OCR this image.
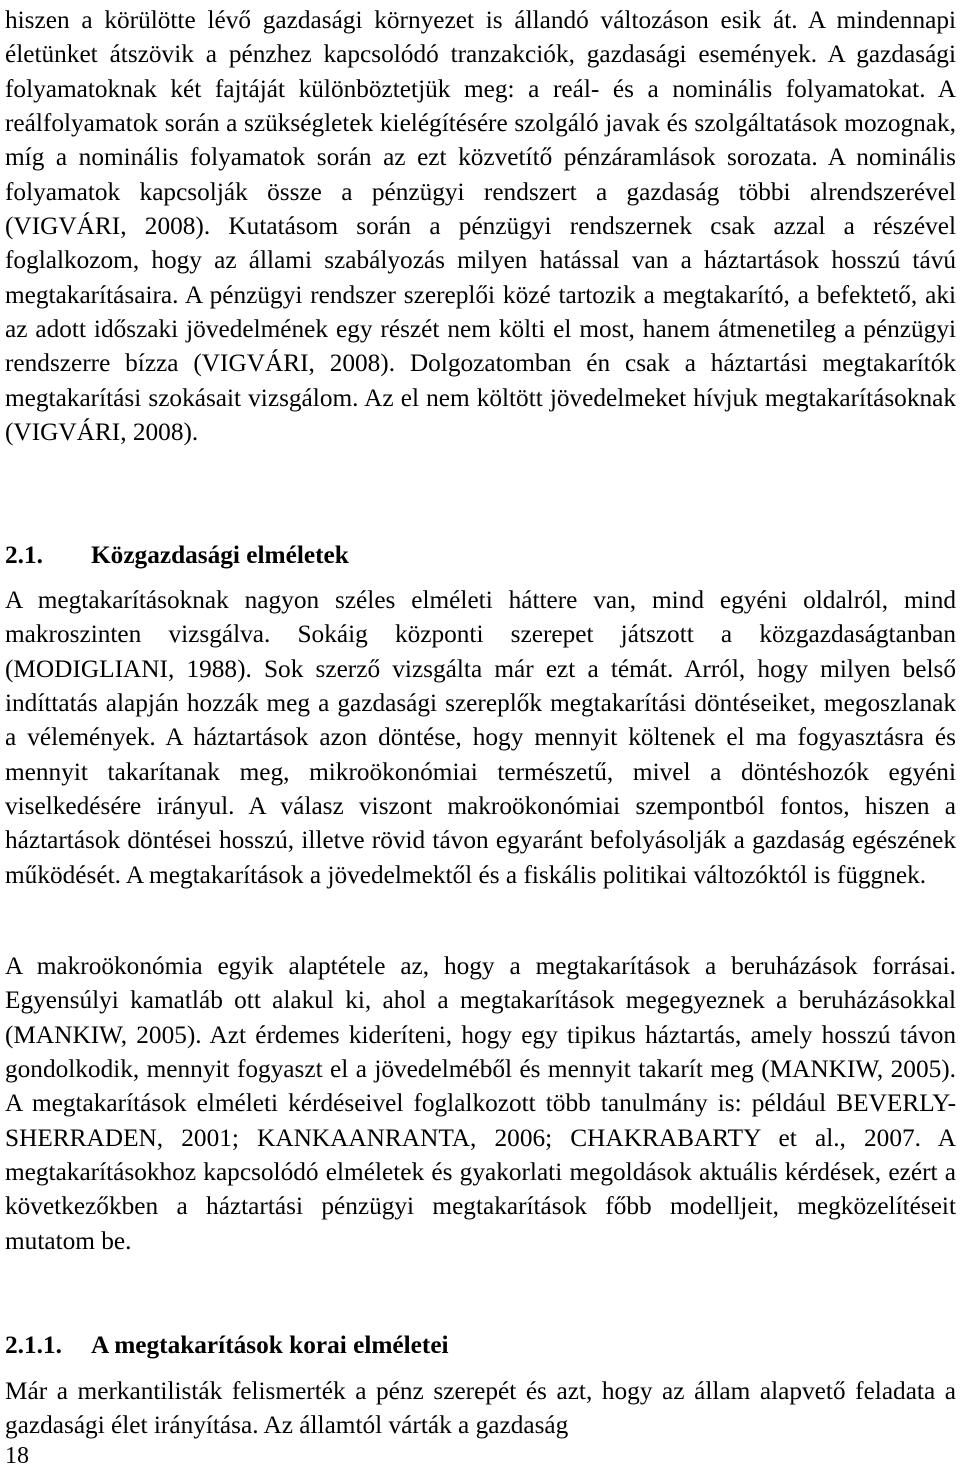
hiszen a körülötte lévő gazdasági környezet is állandó változáson esik át. A mindennapi életünket átszövik a pénzhez kapcsolódó tranzakciók, gazdasági események. A gazdasági folyamatoknak két fajtáját különböztetjük meg: a reál- és a nominális folyamatokat. A reálfolyamatok során a szükségletek kielégítésére szolgáló javak és szolgáltatások mozognak, míg a nominális folyamatok során az ezt közvetítő pénzáramlások sorozata. A nominális folyamatok kapcsolják össze a pénzügyi rendszert a gazdaság többi alrendszerével (VIGVÁRI, 2008). Kutatásom során a pénzügyi rendszernek csak azzal a részével foglalkozom, hogy az állami szabályozás milyen hatással van a háztartások hosszú távú megtakarításaira. A pénzügyi rendszer szereplői közé tartozik a megtakarító, a befektető, aki az adott időszaki jövedelmének egy részét nem költi el most, hanem átmenetileg a pénzügyi rendszerre bízza (VIGVÁRI, 2008). Dolgozatomban én csak a háztartási megtakarítók megtakarítási szokásait vizsgálom. Az el nem költött jövedelmeket hívjuk megtakarításoknak (VIGVÁRI, 2008).

2.1. Közgazdasági elméletek

A megtakarításoknak nagyon széles elméleti háttere van, mind egyéni oldalról, mind makroszinten vizsgálva. Sokáig központi szerepet játszott a közgazdaságtanban (MODIGLIANI, 1988). Sok szerző vizsgálta már ezt a témát. Arról, hogy milyen belső indíttatás alapján hozzák meg a gazdasági szereplők megtakarítási döntéseiket, megoszlanak a vélemények. A háztartások azon döntése, hogy mennyit költenek el ma fogyasztásra és mennyit takarítanak meg, mikroökonómiai természetű, mivel a döntéshozók egyéni viselkedésére irányul. A válasz viszont makroökonómiai szempontból fontos, hiszen a háztartások döntései hosszú, illetve rövid távon egyaránt befolyásolják a gazdaság egészének működését. A megtakarítások a jövedelmektől és a fiskális politikai változóktól is függnek.

A makroökonómia egyik alaptétele az, hogy a megtakarítások a beruházások forrásai. Egyensúlyi kamatláb ott alakul ki, ahol a megtakarítások megegyeznek a beruházásokkal (MANKIW, 2005). Azt érdemes kideríteni, hogy egy tipikus háztartás, amely hosszú távon gondolkodik, mennyit fogyaszt el a jövedelméből és mennyit takarít meg (MANKIW, 2005). A megtakarítások elméleti kérdéseivel foglalkozott több tanulmány is: például BEVERLY-SHERRADEN, 2001; KANKAANRANTA, 2006; CHAKRABARTY et al., 2007. A megtakarításokhoz kapcsolódó elméletek és gyakorlati megoldások aktuális kérdések, ezért a következőkben a háztartási pénzügyi megtakarítások főbb modelljeit, megközelítéseit mutatom be.

2.1.1. A megtakarítások korai elméletei

Már a merkantilisták felismerték a pénz szerepét és azt, hogy az állam alapvető feladata a gazdasági élet irányítása. Az államtól várták a gazdaság

18
